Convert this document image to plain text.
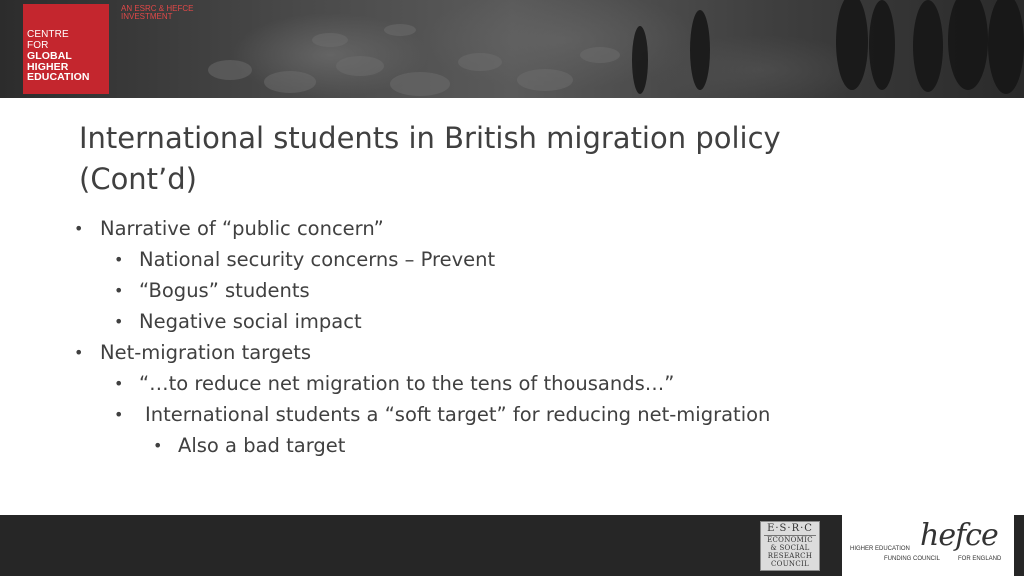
CENTRE
FOR
GLOBAL
HIGHER
EDUCATION

AN ESRC & HEFCE INVESTMENT
International students in British migration policy
(Cont’d)
• Narrative of “public concern”
• National security concerns – Prevent
• “Bogus” students
• Negative social impact
• Net-migration targets
• “…to reduce net migration to the tens of thousands…”
• International students a “soft target” for reducing net-migration
• Also a bad target
E·S·R·C
ECONOMIC
& SOCIAL
RESEARCH
COUNCIL

hefce

HIGHER EDUCATION
FUNDING COUNCIL	FOR ENGLAND
